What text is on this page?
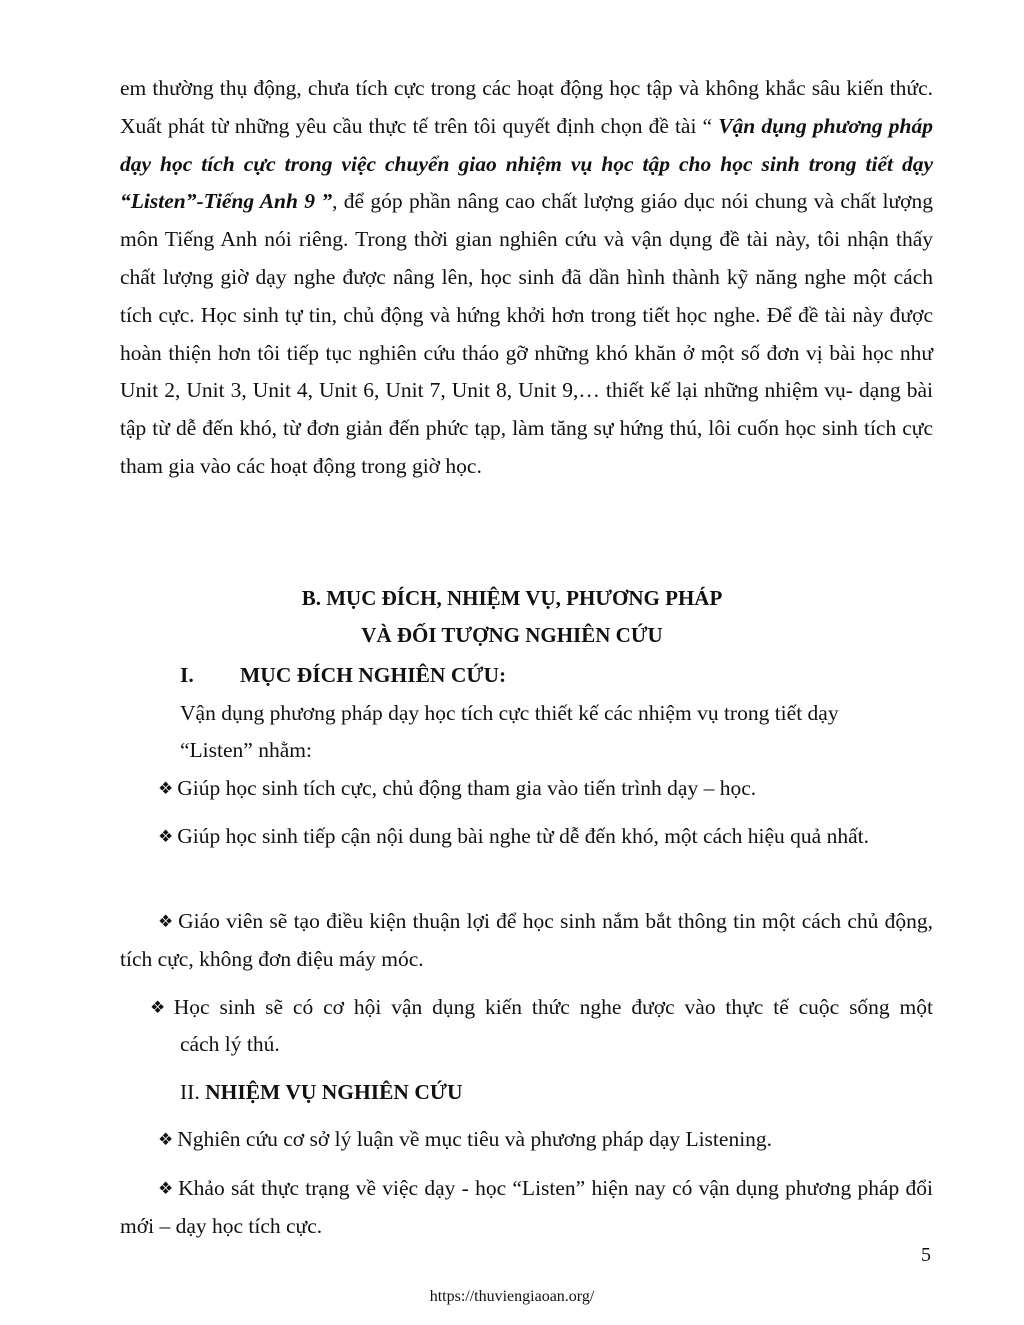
em thường thụ động, chưa tích cực trong các hoạt động học tập và không khắc sâu kiến thức. Xuất phát từ những yêu cầu thực tế trên tôi quyết định chọn đề tài “ Vận dụng phương pháp dạy học tích cực trong việc chuyển giao nhiệm vụ học tập cho học sinh trong tiết dạy “Listen”-Tiếng Anh 9 ”, để góp phần nâng cao chất lượng giáo dục nói chung và chất lượng môn Tiếng Anh nói riêng. Trong thời gian nghiên cứu và vận dụng đề tài này, tôi nhận thấy chất lượng giờ dạy nghe được nâng lên, học sinh đã dần hình thành kỹ năng nghe một cách tích cực. Học sinh tự tin, chủ động và hứng khởi hơn trong tiết học nghe. Để đề tài này được hoàn thiện hơn tôi tiếp tục nghiên cứu tháo gỡ những khó khăn ở một số đơn vị bài học như Unit 2, Unit 3, Unit 4, Unit 6, Unit 7, Unit 8, Unit 9,… thiết kế lại những nhiệm vụ- dạng bài tập từ dễ đến khó, từ đơn giản đến phức tạp, làm tăng sự hứng thú, lôi cuốn học sinh tích cực tham gia vào các hoạt động trong giờ học.
B. MỤC ĐÍCH, NHIỆM VỤ, PHƯƠNG PHÁP
VÀ ĐỐI TƯỢNG NGHIÊN CỨU
I. MỤC ĐÍCH NGHIÊN CỨU:
Vận dụng phương pháp dạy học tích cực thiết kế các nhiệm vụ trong tiết dạy
“Listen” nhằm:
❖ Giúp học sinh tích cực, chủ động tham gia vào tiến trình dạy – học.
❖ Giúp học sinh tiếp cận nội dung bài nghe từ dễ đến khó, một cách hiệu quả nhất.
❖ Giáo viên sẽ tạo điều kiện thuận lợi để học sinh nắm bắt thông tin một cách chủ động, tích cực, không đơn điệu máy móc.
❖ Học sinh sẽ có cơ hội vận dụng kiến thức nghe được vào thực tế cuộc sống một
cách lý thú.
II. NHIỆM VỤ NGHIÊN CỨU
❖ Nghiên cứu cơ sở lý luận về mục tiêu và phương pháp dạy Listening.
❖ Khảo sát thực trạng về việc dạy - học “Listen” hiện nay có vận dụng phương pháp đổi mới – dạy học tích cực.
5
https://thuviengiaoan.org/
